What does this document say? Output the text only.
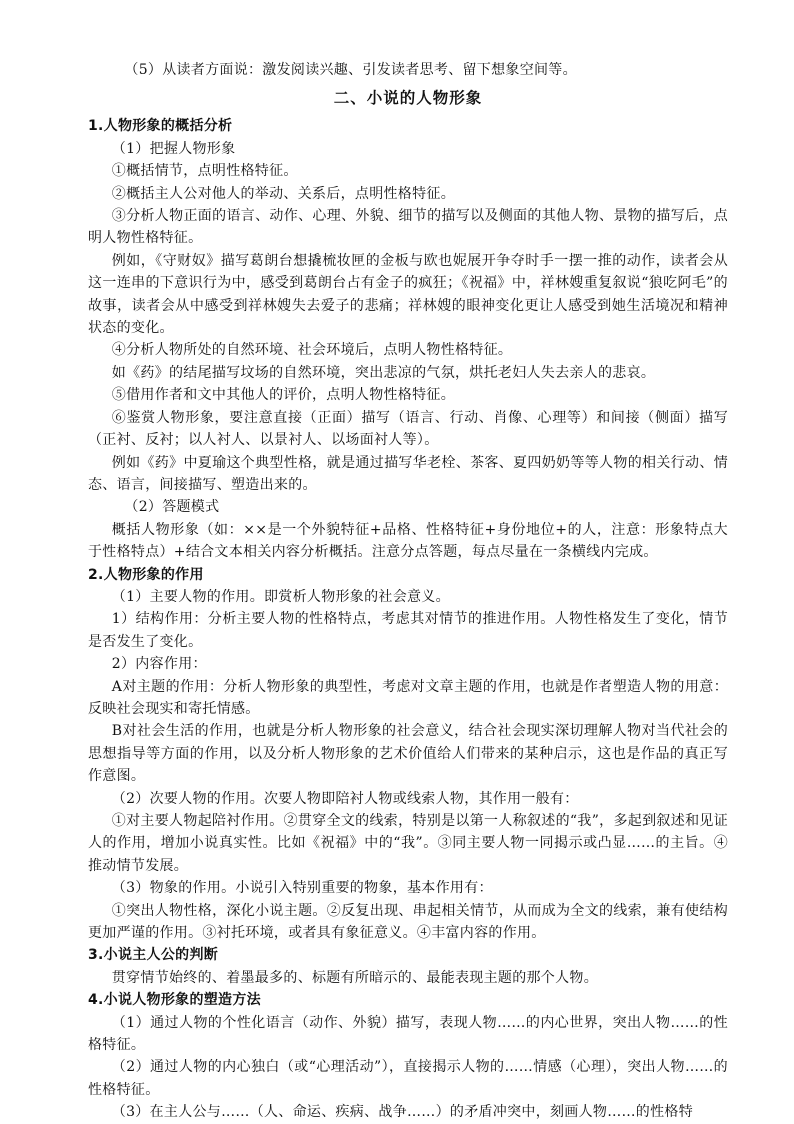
（5）从读者方面说：激发阅读兴趣、引发读者思考、留下想象空间等。

二、小说的人物形象

1.人物形象的概括分析

（1）把握人物形象

①概括情节，点明性格特征。

②概括主人公对他人的举动、关系后，点明性格特征。

③分析人物正面的语言、动作、心理、外貌、细节的描写以及侧面的其他人物、景物的描写后，点明人物性格特征。

例如，《守财奴》描写葛朗台想撬梳妆匣的金板与欧也妮展开争夺时手一摆一推的动作，读者会从这一连串的下意识行为中，感受到葛朗台占有金子的疯狂；《祝福》中，祥林嫂重复叙说“狼吃阿毛”的故事，读者会从中感受到祥林嫂失去爱子的悲痛；祥林嫂的眼神变化更让人感受到她生活境况和精神状态的变化。

④分析人物所处的自然环境、社会环境后，点明人物性格特征。

如《药》的结尾描写坟场的自然环境，突出悲凉的气氛，烘托老妇人失去亲人的悲哀。

⑤借用作者和文中其他人的评价，点明人物性格特征。

⑥鉴赏人物形象，要注意直接（正面）描写（语言、行动、肖像、心理等）和间接（侧面）描写（正衬、反衬；以人衬人、以景衬人、以场面衬人等）。

例如《药》中夏瑜这个典型性格，就是通过描写华老栓、茶客、夏四奶奶等等人物的相关行动、情态、语言，间接描写、塑造出来的。

（2）答题模式

概括人物形象（如：××是一个外貌特征+品格、性格特征+身份地位+的人，注意：形象特点大于性格特点）+结合文本相关内容分析概括。注意分点答题，每点尽量在一条横线内完成。

2.人物形象的作用

（1）主要人物的作用。即赏析人物形象的社会意义。

1）结构作用：分析主要人物的性格特点，考虑其对情节的推进作用。人物性格发生了变化，情节是否发生了变化。

2）内容作用：

A对主题的作用：分析人物形象的典型性，考虑对文章主题的作用，也就是作者塑造人物的用意：反映社会现实和寄托情感。

B对社会生活的作用，也就是分析人物形象的社会意义，结合社会现实深切理解人物对当代社会的思想指导等方面的作用，以及分析人物形象的艺术价值给人们带来的某种启示，这也是作品的真正写作意图。

（2）次要人物的作用。次要人物即陪衬人物或线索人物，其作用一般有：

①对主要人物起陪衬作用。②贯穿全文的线索，特别是以第一人称叙述的“我”，多起到叙述和见证人的作用，增加小说真实性。比如《祝福》中的“我”。③同主要人物一同揭示或凸显……的主旨。④推动情节发展。

（3）物象的作用。小说引入特别重要的物象，基本作用有：

①突出人物性格，深化小说主题。②反复出现、串起相关情节，从而成为全文的线索，兼有使结构更加严谨的作用。③衬托环境，或者具有象征意义。④丰富内容的作用。

3.小说主人公的判断

贯穿情节始终的、着墨最多的、标题有所暗示的、最能表现主题的那个人物。

4.小说人物形象的塑造方法

（1）通过人物的个性化语言（动作、外貌）描写，表现人物……的内心世界，突出人物……的性格特征。

（2）通过人物的内心独白（或“心理活动”），直接揭示人物的……情感（心理），突出人物……的性格特征。

（3）在主人公与……（人、命运、疾病、战争……）的矛盾冲突中，刻画人物……的性格特
